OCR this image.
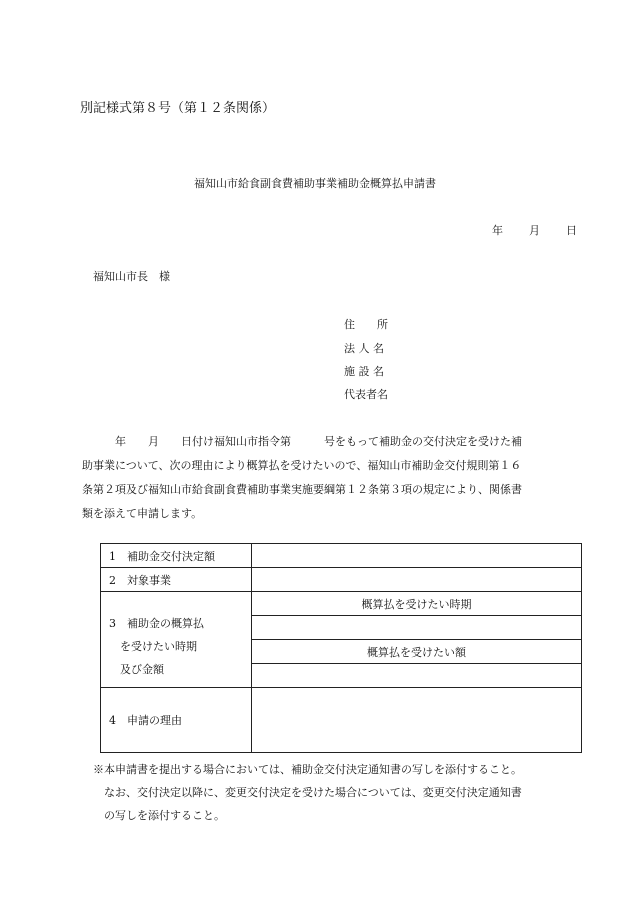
別記様式第８号（第１２条関係）
福知山市給食副食費補助事業補助金概算払申請書
年 月 日
福知山市長　様
住　　所
法 人 名
施 設 名
代表者名
　　　年　　月　　日付け福知山市指令第　　　号をもって補助金の交付決定を受けた補
助事業について、次の理由により概算払を受けたいので、福知山市補助金交付規則第１６
条第２項及び福知山市給食副食費補助事業実施要綱第１２条第３項の規定により、関係書
類を添えて申請します。
1　補助金交付決定額	
2　対象事業	

3　補助金の概算払
　を受けたい時期
　及び金額	概算払を受けたい時期

	概算払を受けたい額

4　申請の理由	
※本申請書を提出する場合においては、補助金交付決定通知書の写しを添付すること。
　なお、交付決定以降に、変更交付決定を受けた場合については、変更交付決定通知書
　の写しを添付すること。
